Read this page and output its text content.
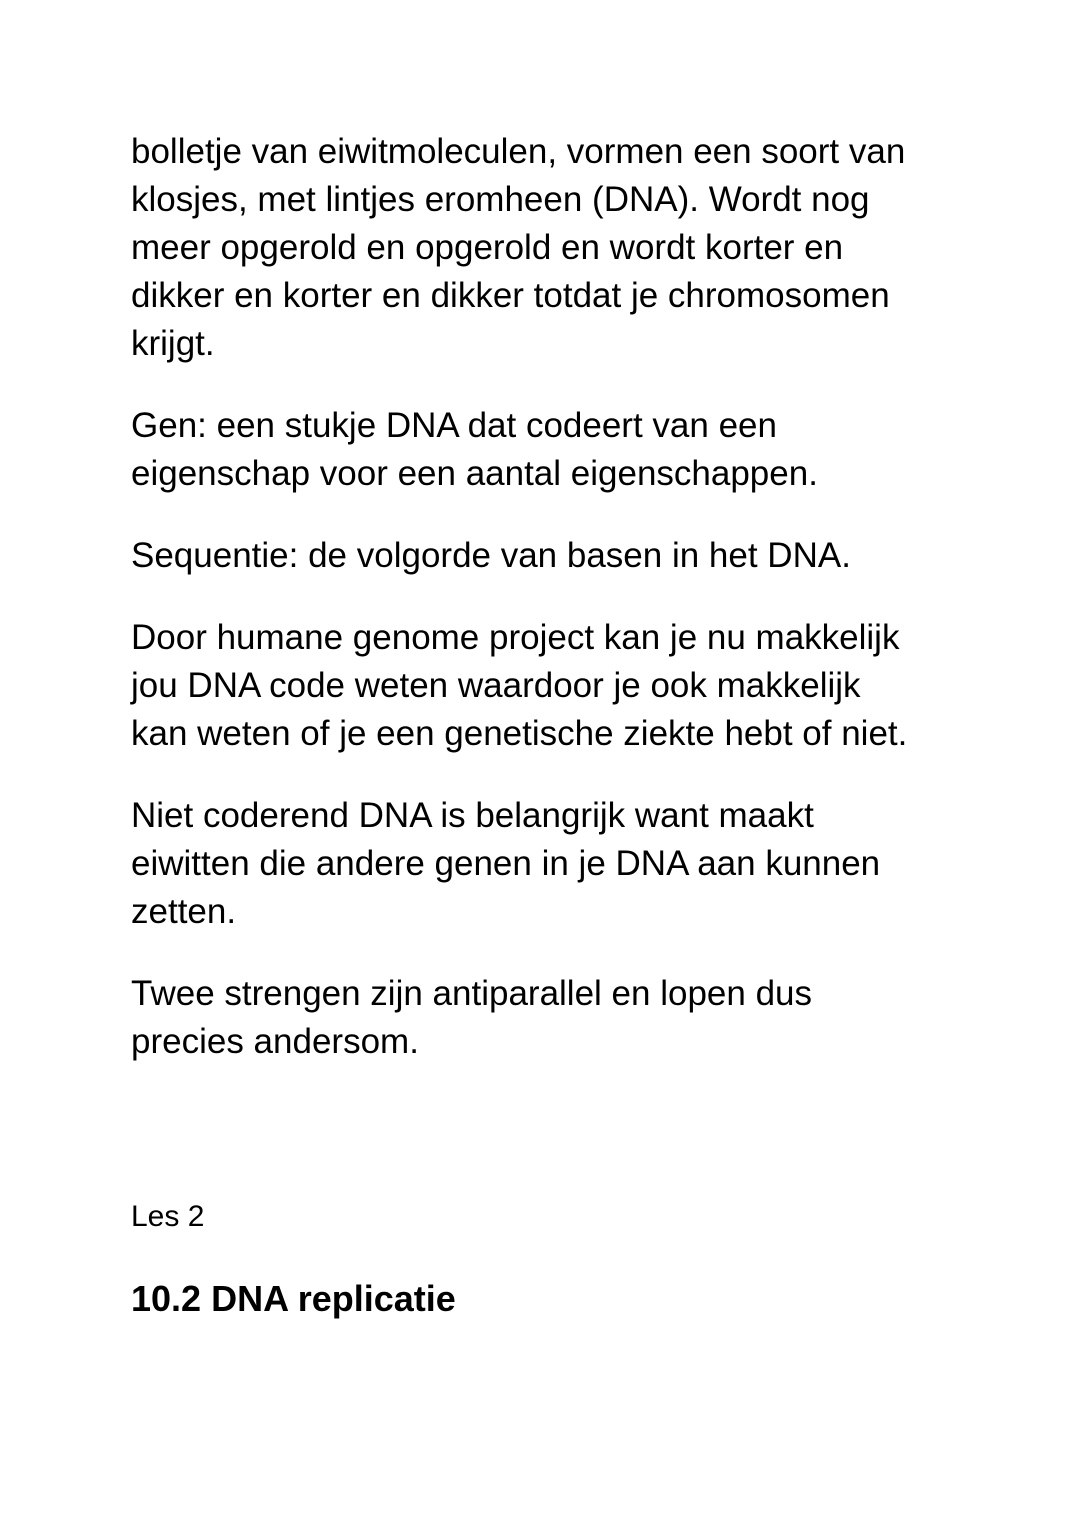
bolletje van eiwitmoleculen, vormen een soort van
klosjes, met lintjes eromheen (DNA). Wordt nog
meer opgerold en opgerold en wordt korter en
dikker en korter en dikker totdat je chromosomen
krijgt.

Gen: een stukje DNA dat codeert van een
eigenschap voor een aantal eigenschappen.

Sequentie: de volgorde van basen in het DNA.

Door humane genome project kan je nu makkelijk
jou DNA code weten waardoor je ook makkelijk
kan weten of je een genetische ziekte hebt of niet.

Niet coderend DNA is belangrijk want maakt
eiwitten die andere genen in je DNA aan kunnen
zetten.

Twee strengen zijn antiparallel en lopen dus
precies andersom.

Les 2

10.2 DNA replicatie
